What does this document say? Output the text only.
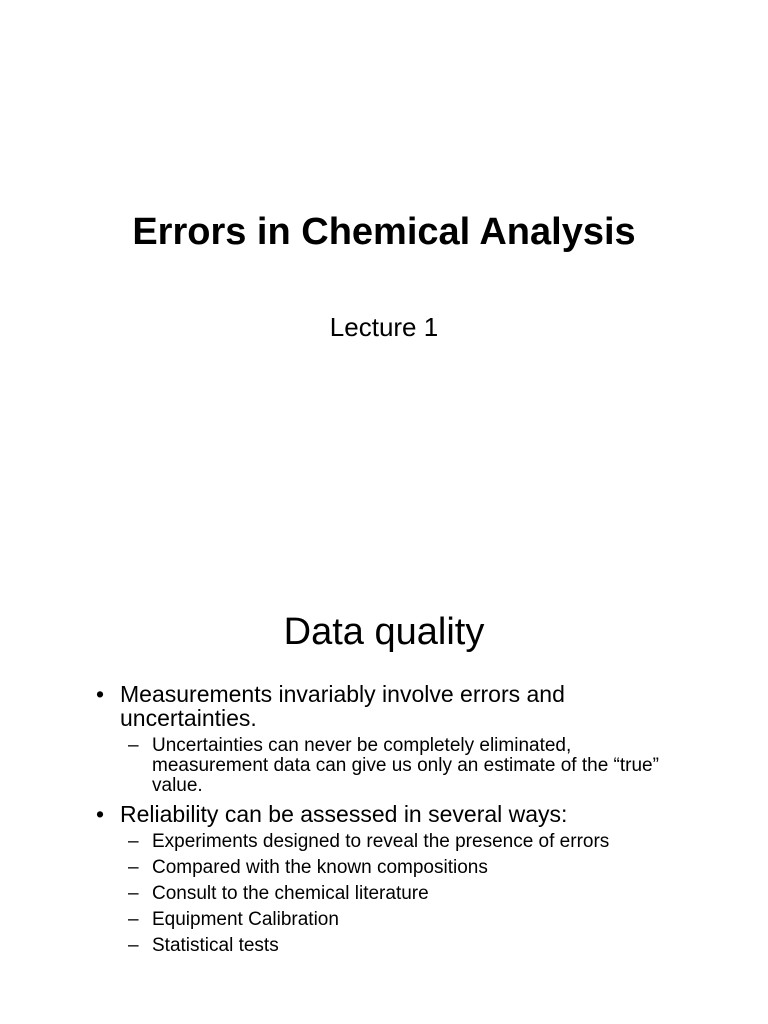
Errors in Chemical Analysis
Lecture 1
Data quality
• Measurements invariably involve errors and uncertainties.
– Uncertainties can never be completely eliminated, measurement data can give us only an estimate of the “true” value.
• Reliability can be assessed in several ways:
– Experiments designed to reveal the presence of errors
– Compared with the known compositions
– Consult to the chemical literature
– Equipment Calibration
– Statistical tests
